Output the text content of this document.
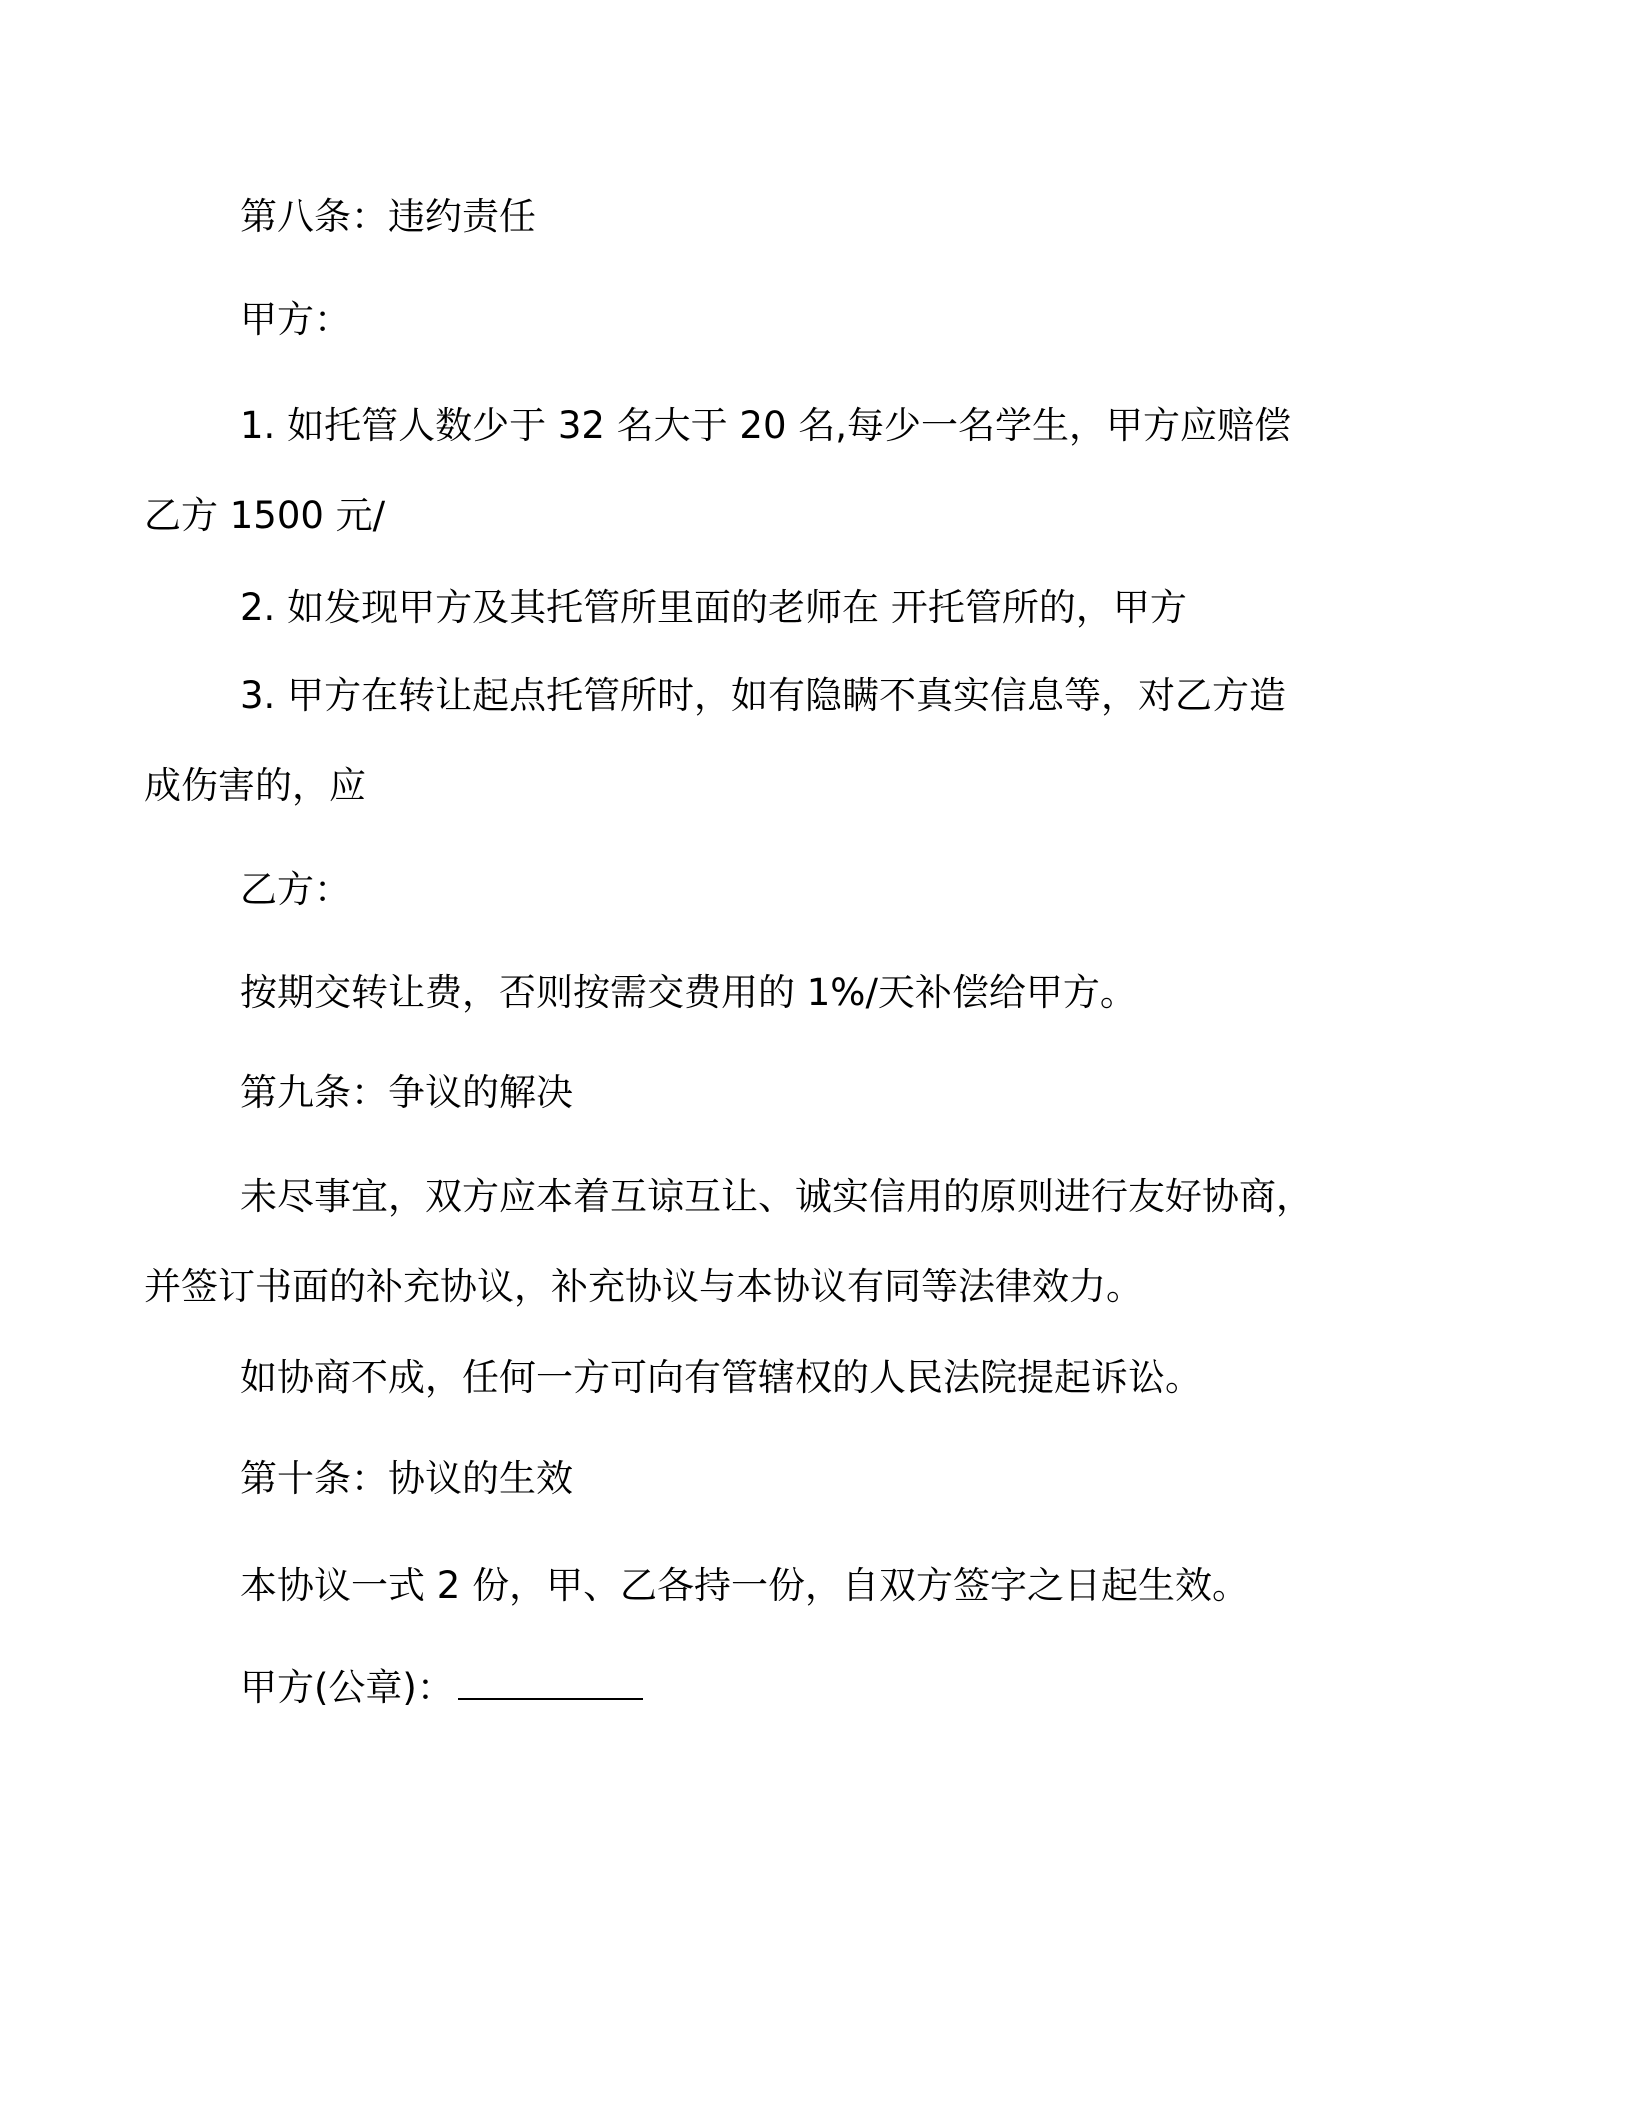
第八条：违约责任
甲方：
1. 如托管人数少于 32 名大于 20 名,每少一名学生，甲方应赔偿乙方 1500 元/
2. 如发现甲方及其托管所里面的老师在 开托管所的，甲方
3. 甲方在转让起点托管所时，如有隐瞒不真实信息等，对乙方造成伤害的，应
乙方：
按期交转让费，否则按需交费用的 1%/天补偿给甲方。
第九条：争议的解决
未尽事宜，双方应本着互谅互让、诚实信用的原则进行友好协商，并签订书面的补充协议，补充协议与本协议有同等法律效力。
如协商不成，任何一方可向有管辖权的人民法院提起诉讼。
第十条：协议的生效
本协议一式 2 份，甲、乙各持一份，自双方签字之日起生效。
甲方(公章)：
